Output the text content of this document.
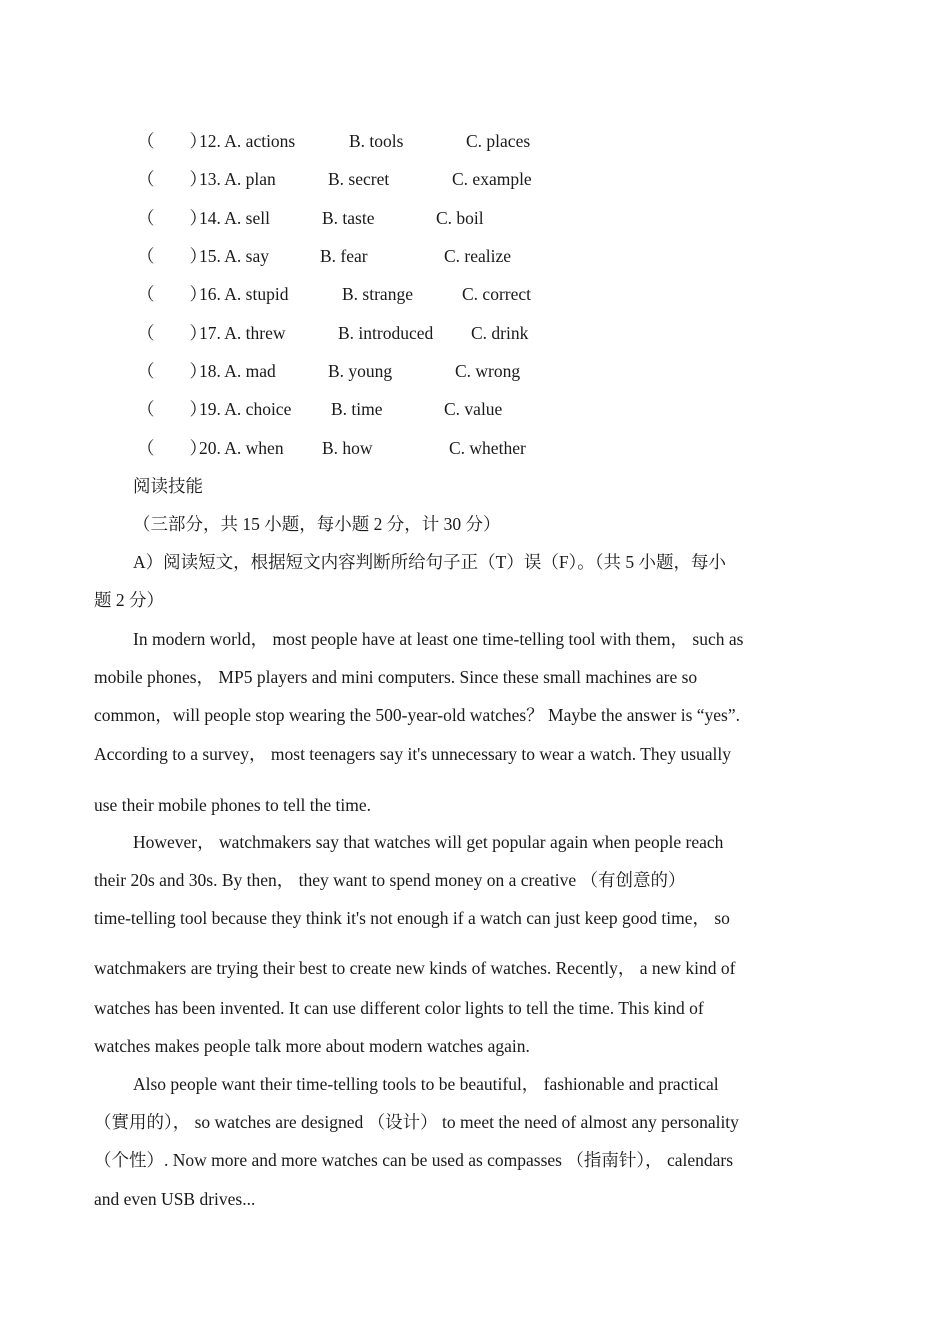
（　　）
12. A. actions	B. tools	C. places
（　　）
13. A. plan	B. secret	C. example
（　　）
14. A. sell	B. taste	C. boil
（　　）
15. A. say	B. fear	C. realize
（　　）
16. A. stupid	B. strange	C. correct
（　　）
17. A. threw	B. introduced C. drink
（　　）
18. A. mad	B. young	C. wrong
（　　）
19. A. choice B. time	C. value
（　　）
20. A. when B. how	C. whether
阅读技能
（三部分，共 15 小题，每小题 2 分，计 30 分）
A）阅读短文，根据短文内容判断所给句子正（T）误（F）。（共 5 小题，每小
题 2 分）
In modern world， most people have at least one time-telling tool with them， such as
mobile phones， MP5 players and mini computers. Since these small machines are so
common，will people stop wearing the 500-year-old watches？ Maybe the answer is “yes”.
According to a survey， most teenagers say it's unnecessary to wear a watch. They usually
use their mobile phones to tell the time.
However， watchmakers say that watches will get popular again when people reach
their 20s and 30s. By then， they want to spend money on a creative （有创意的）
time-telling tool because they think it's not enough if a watch can just keep good time， so
watchmakers are trying their best to create new kinds of watches. Recently， a new kind of
watches has been invented. It can use different color lights to tell the time. This kind of
watches makes people talk more about modern watches again.
Also people want their time-telling tools to be beautiful， fashionable and practical
（實用的）， so watches are designed （设计） to meet the need of almost any personality
（个性）. Now more and more watches can be used as compasses （指南针）， calendars
and even USB drives...
